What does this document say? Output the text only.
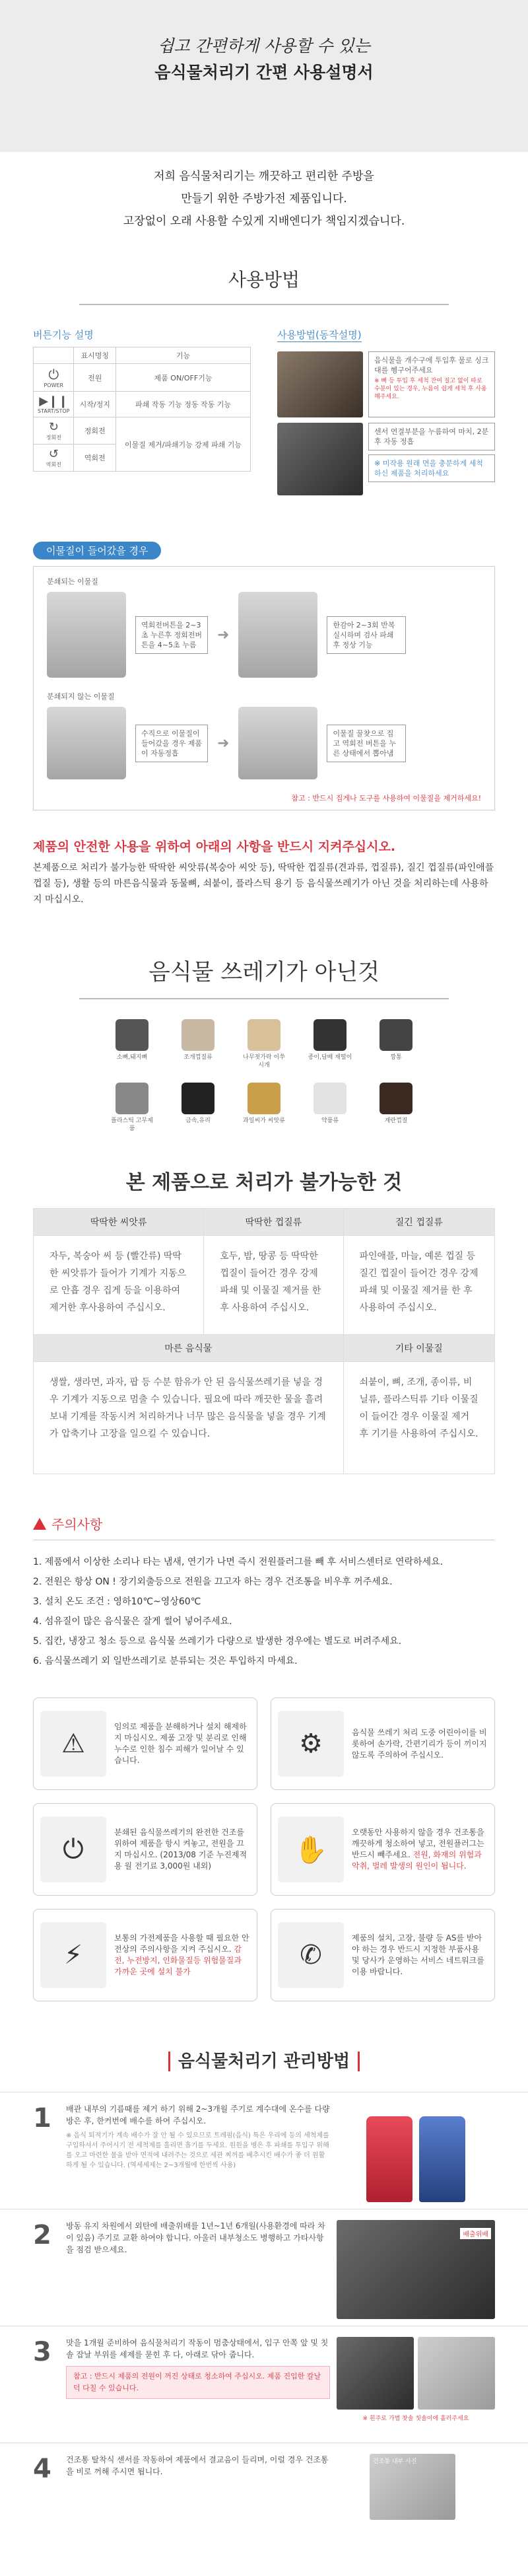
쉽고 간편하게 사용할 수 있는
음식물처리기 간편 사용설명서

저희 음식물처리기는 깨끗하고 편리한 주방을

만들기 위한 주방가전 제품입니다.

고장없이 오래 사용할 수있게 지배엔디가 책임지겠습니다.

사용방법
버튼기능 설명
	표시명칭	기능

⏻
POWER	전원	제품 ON/OFF기능

▶❙❙
START/STOP	시작/정지	파쇄 작동 기능 정동 작동 기능

↻
정회전	정회전	이물질 제거/파쇄기능 강제 파쇄 기능

↺
역회전	역회전	
사용방법(동작설명)
음식물을 개수구에 투입후 물로 싱크대를 헹구어주세요
※ 뼈 등 투입 후 세척 잔여 질고 없이 따로 수분이 있는 경우, 누름이 쉽게 세척 후 사용해주세요.
센서 연결부분을 누름하여 마치, 2분 후 자동 정흡
※ 미작용 원래 면을 충분하게 세척하신 제품을 처리하세요
이물질이 들어갔을 경우
분쇄되는 이물질
역회전버튼을 2~3초 누른후 정회전버튼을 4~5초 누름
➜
한감아 2~3회 반복 실시하며 검사 파쇄 후 정상 기능
분쇄되지 않는 이물질
수직으로 이물질이 들어갔을 경우 제품이 자동정흡
➜
이물질 꿀찾으로 집고 역회전 버튼을 누른 상태에서 뽑아냄
참고 : 반드시 집게나 도구를 사용하여 이물질을 제거하세요!
제품의 안전한 사용을 위하여 아래의 사항을 반드시 지켜주십시오.

본제품으로 처리가 불가능한 딱딱한 씨앗류(복숭아 씨앗 등), 딱딱한 껍질류(견과류, 껍질류), 질긴 껍질류(파인애플 껍질 등), 생활 등의 마른음식물과 동물뼈, 쇠붙이, 플라스틱 용기 등 음식물쓰레기가 아닌 것을 처리하는데 사용하지 마십시오.

음식물 쓰레기가 아닌것
소뼈,돼지뼈	조개껍질류	나무젓가락 이쑤시개
종이,담배 재떨이	깡통
플라스틱 고무제품
금속,유리	과일씨가 씨앗류	약품류	계란껍질
본 제품으로 처리가 불가능한 것
딱딱한 씨앗류	딱딱한 껍질류	질긴 껍질류
자두, 복숭아 씨 등 (빨간류) 딱딱한 씨앗류가 들어가 기계가 지동으로 안흡 경우 집게 등을 이용하여 제거한 후사용하여 주십시오.	호두, 밤, 땅콩 등 딱딱한 껍질이 들어간 경우 강제 파쇄 및 이물질 제거를 한 후 사용하여 주십시오.	파인애플, 마늘, 예론 껍질 등 질긴 껍질이 들어간 경우 강제 파쇄 및 이물질 제거를 한 후 사용하여 주십시오.
마른 음식물		기타 이물질
생쌀, 생라면, 과자, 팝 등 수분 함유가 안 된 음식물쓰레기를 넣을 경우 기계가 지동으로 멈출 수 있습니다. 필요에 따라 깨끗한 물을 흘려 보내 기계를 작동시켜 처리하거나 너무 많은 음식물을 넣을 경우 기계가 압축기나 고장을 일으킬 수 있습니다.		쇠붙이, 뼈, 조개, 종이류, 비닐류, 플라스틱류 기타 이물질이 들어간 경우 이물질 제거 후 기기를 사용하여 주십시오.
주의사항
1. 제품에서 이상한 소리나 타는 냄새, 연기가 나면 즉시 전원플러그를 빼 후 서비스센터로 연락하세요.
2. 전원은 항상 ON ! 장기외출등으로 전원을 끄고자 하는 경우 건조통을 비우후 꺼주세요.
3. 설치 온도 조건 : 영하10℃~영상60℃
4. 섬유질이 많은 음식물은 잘게 썰어 넣어주세요.
5. 집칸, 냉장고 청소 등으로 음식물 쓰레기가 다량으로 발생한 경우에는 별도로 버려주세요.
6. 음식물쓰레기 외 일반쓰레기로 분류되는 것은 투입하지 마세요.
⚠
임의로 제품을 분해하거나 설치 해제하지 마십시오. 제품 고장 및 분리로 인해 누수로 인한 침수 피해가 일어날 수 있습니다.
⚙	음식물 쓰레기 처리 도중 어린아이를 비롯하여 손가락, 간편기리가 등이 끼이지 않도록 주의하여 주십시오.
⏻
분쇄된 음식물쓰레기의 완전한 건조를 위하여 제품을 항시 켜놓고, 전원을 끄지 마십시오. (2013/08 기준 누진제적용 월 전기료 3,000원 내외)
✋
오랫동안 사용하지 않을 경우 건조통을 깨끗하게 청소하여 넣고, 전원플러그는 반드시 빼주세요. 전원, 화재의 위험과 악취, 벌레 발생의 원인이 됩니다.
⚡
보통의 가전제품을 사용할 때 필요한 안전상의 주의사항을 지켜 주십시오. 감전, 누전방지, 인화물질등 위험물질과 가까운 곳에 설치 불가
✆
제품의 설치, 고장, 불량 등 AS를 받아야 하는 경우 반드시 지정한 부품사용 및 당사가 운영하는 서비스 네트워크를 이용 바랍니다.
음식물처리기 관리방법
1	배관 내부의 기름때를 제거 하기 위해 2~3개월 주기로 계수대에 온수를 다량 방은 후, 한커번에 배수를 하여 주십시오.
※ 음식 퇴적기가 계속 배수가 잘 안 될 수 있으므로 트레펌(음식) 특은 우리에 등의 세척제를 구입하셔서 주어시기 전 세척제를 흘리면 흡기를 두세요. 원원을 병은 후 파쇄를 투입구 위해를 오고 마련한 물을 받아 면적에 내려주는 것으로 세관 찌꺼를 배추시킨 배수가 좋 더 원활하게 될 수 있습니다. (역세세제는 2~3개월에 한번씩 사용)
2	방동 유지 차원에서 외탄에 배출위배를 1년~1년 6개월(사용환경에 따라 차이 있음) 주기로 교환 하여야 합니다. 아울러 내부청소도 병행하고 가타사항을 점검 받으세요.
배출위배
3	맛을 1개월 준비하여 음식물처리기 작동이 멈춤상태에서, 입구 안쪽 앞 및 칫솔 잡날 부위를 세제를 묻힌 후 다, 아래로 닦아 줍니다.
참고 : 반드시 제품의 전원이 꺼진 상태로 청소하여 주십시오. 제품 진입한 칼날 덕 다칠 수 있습니다.
※ 흰주로 가볍 찻솔 칫솔이에 흩러주세요
4	건조통 탈착식 센서를 작동하여 제품에서 결교음이 들리며, 이럴 경우 건조통을 비로 꺼해 주시면 됩니다.
건조통 내부 사진
